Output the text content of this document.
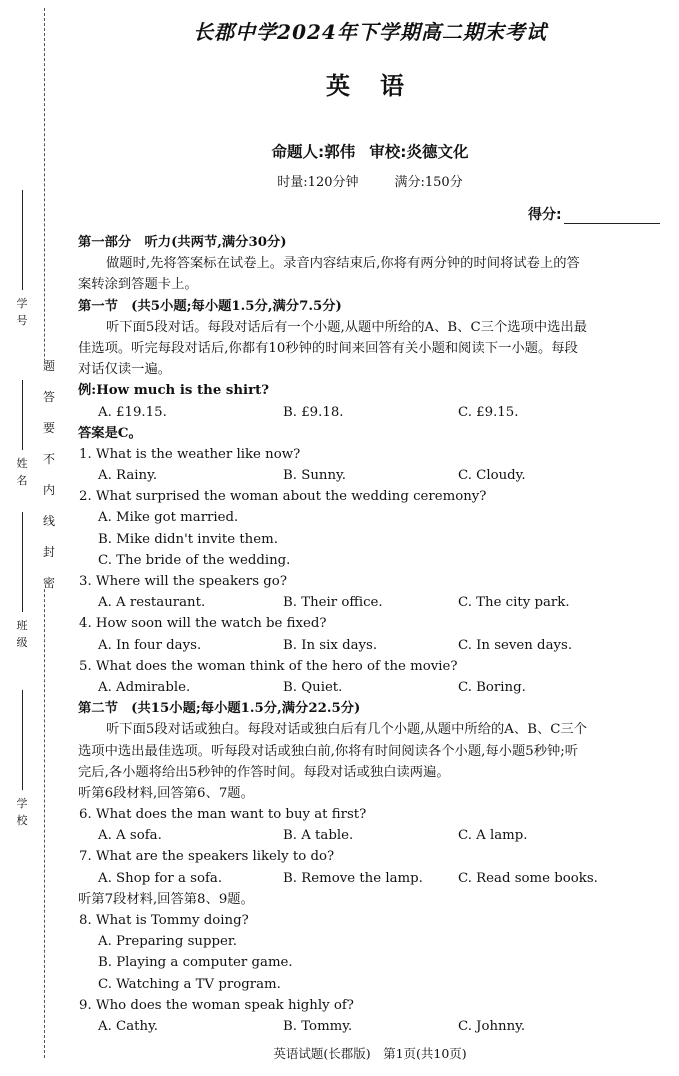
题
答
要
不
内
线
封
密
学号
姓名
班级
学校
长郡中学2024年下学期高二期末考试
英语
命题人:郭伟 审校:炎德文化
时量:120分钟	满分:150分
得分:
第一部分　听力(共两节,满分30分)
做题时,先将答案标在试卷上。录音内容结束后,你将有两分钟的时间将试卷上的答
案转涂到答题卡上。
第一节　(共5小题;每小题1.5分,满分7.5分)
听下面5段对话。每段对话后有一个小题,从题中所给的A、B、C三个选项中选出最
佳选项。听完每段对话后,你都有10秒钟的时间来回答有关小题和阅读下一小题。每段
对话仅读一遍。
例:How much is the shirt?
A. £19.15.	B. £9.18.	C. £9.15.
答案是C。
1. What is the weather like now?
A. Rainy.	B. Sunny.	C. Cloudy.
2. What surprised the woman about the wedding ceremony?
A. Mike got married.
B. Mike didn't invite them.
C. The bride of the wedding.
3. Where will the speakers go?
A. A restaurant.	B. Their office.	C. The city park.
4. How soon will the watch be fixed?
A. In four days.	B. In six days.	C. In seven days.
5. What does the woman think of the hero of the movie?
A. Admirable.	B. Quiet.	C. Boring.
第二节　(共15小题;每小题1.5分,满分22.5分)
听下面5段对话或独白。每段对话或独白后有几个小题,从题中所给的A、B、C三个
选项中选出最佳选项。听每段对话或独白前,你将有时间阅读各个小题,每小题5秒钟;听
完后,各小题将给出5秒钟的作答时间。每段对话或独白读两遍。
听第6段材料,回答第6、7题。
6. What does the man want to buy at first?
A. A sofa.	B. A table.	C. A lamp.
7. What are the speakers likely to do?
A. Shop for a sofa.	B. Remove the lamp.	C. Read some books.
听第7段材料,回答第8、9题。
8. What is Tommy doing?
A. Preparing supper.
B. Playing a computer game.
C. Watching a TV program.
9. Who does the woman speak highly of?
A. Cathy.	B. Tommy.	C. Johnny.
英语试题(长郡版)　第1页(共10页)
